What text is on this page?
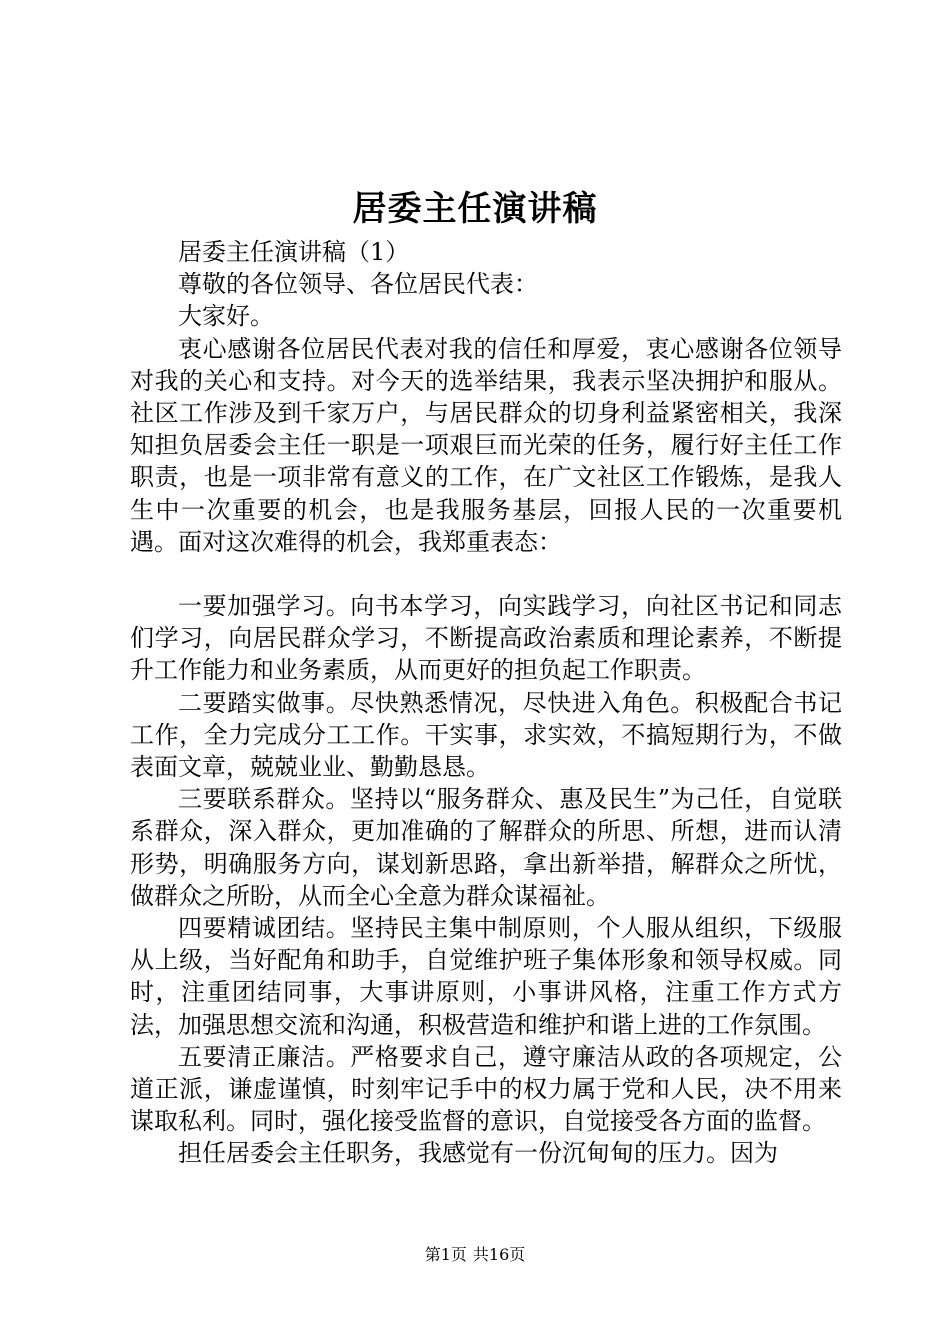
居委主任演讲稿

居委主任演讲稿（1）

尊敬的各位领导、各位居民代表：

大家好。

衷心感谢各位居民代表对我的信任和厚爱，衷心感谢各位领导对我的关心和支持。对今天的选举结果，我表示坚决拥护和服从。社区工作涉及到千家万户，与居民群众的切身利益紧密相关，我深知担负居委会主任一职是一项艰巨而光荣的任务，履行好主任工作职责，也是一项非常有意义的工作，在广文社区工作锻炼，是我人生中一次重要的机会，也是我服务基层，回报人民的一次重要机遇。面对这次难得的机会，我郑重表态：

一要加强学习。向书本学习，向实践学习，向社区书记和同志们学习，向居民群众学习，不断提高政治素质和理论素养，不断提升工作能力和业务素质，从而更好的担负起工作职责。

二要踏实做事。尽快熟悉情况，尽快进入角色。积极配合书记工作，全力完成分工工作。干实事，求实效，不搞短期行为，不做表面文章，兢兢业业、勤勤恳恳。

三要联系群众。坚持以“服务群众、惠及民生”为己任，自觉联系群众，深入群众，更加准确的了解群众的所思、所想，进而认清形势，明确服务方向，谋划新思路，拿出新举措，解群众之所忧，做群众之所盼，从而全心全意为群众谋福祉。

四要精诚团结。坚持民主集中制原则，个人服从组织，下级服从上级，当好配角和助手，自觉维护班子集体形象和领导权威。同时，注重团结同事，大事讲原则，小事讲风格，注重工作方式方法，加强思想交流和沟通，积极营造和维护和谐上进的工作氛围。

五要清正廉洁。严格要求自己，遵守廉洁从政的各项规定，公道正派，谦虚谨慎，时刻牢记手中的权力属于党和人民，决不用来谋取私利。同时，强化接受监督的意识，自觉接受各方面的监督。

担任居委会主任职务，我感觉有一份沉甸甸的压力。因为

第1页 共16页
